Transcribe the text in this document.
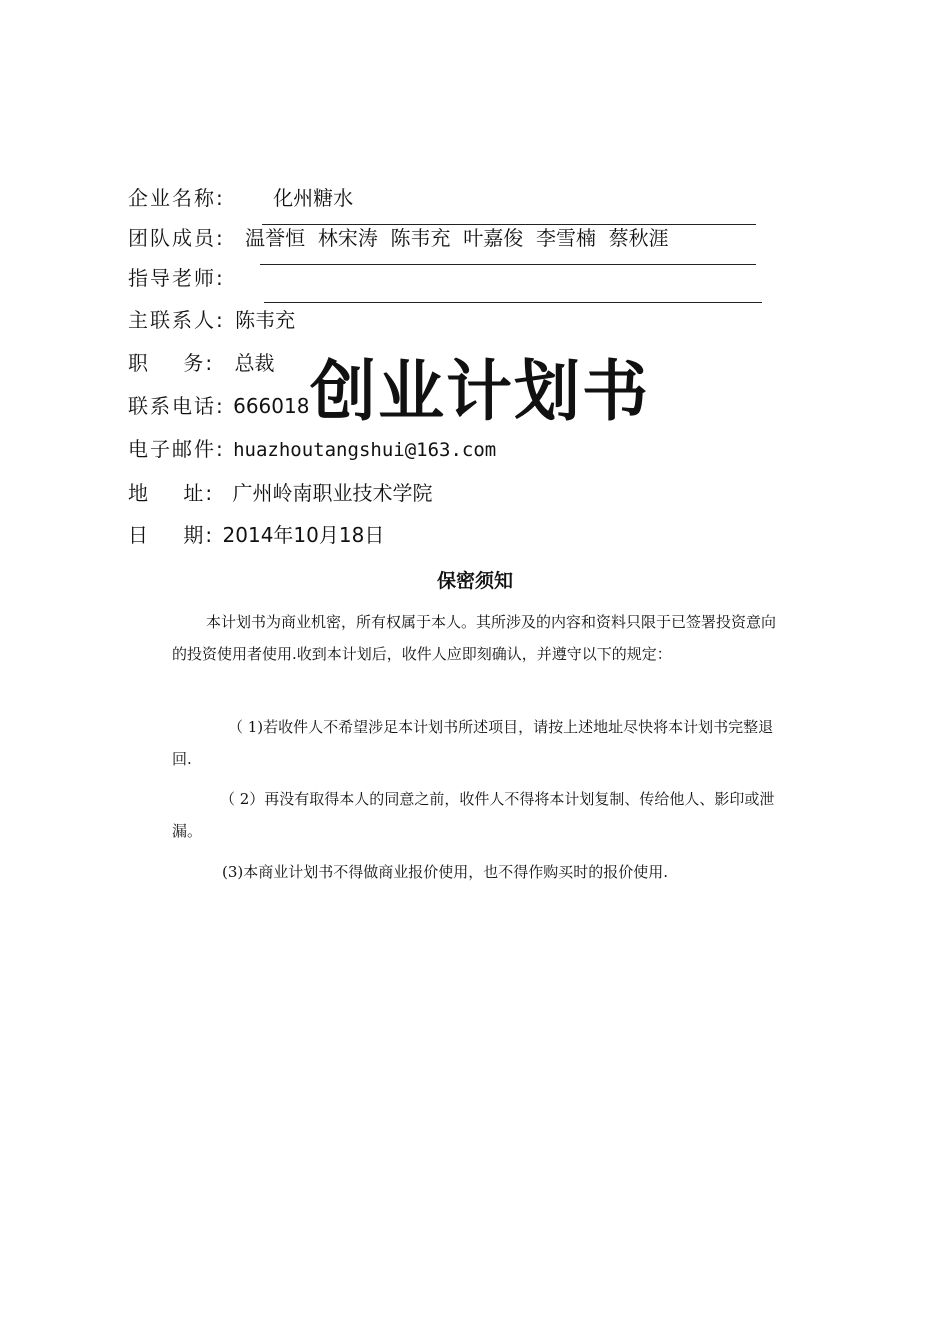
企业名称: 化州糖水
团队成员: 温誉恒  林宋涛  陈韦充  叶嘉俊  李雪楠  蔡秋涯
指导老师:
主联系人: 陈韦充
职    务: 总裁
联系电话: 666018 创业计划书
电子邮件: huazhoutangshui@163.com
地    址: 广州岭南职业技术学院
日    期: 2014年10月18日
保密须知
本计划书为商业机密，所有权属于本人。其所涉及的内容和资料只限于已签署投资意向的投资使用者使用.收到本计划后，收件人应即刻确认，并遵守以下的规定：
（ 1)若收件人不希望涉足本计划书所述项目，请按上述地址尽快将本计划书完整退回.
（ 2）再没有取得本人的同意之前，收件人不得将本计划复制、传给他人、影印或泄漏。
(3)本商业计划书不得做商业报价使用，也不得作购买时的报价使用.
